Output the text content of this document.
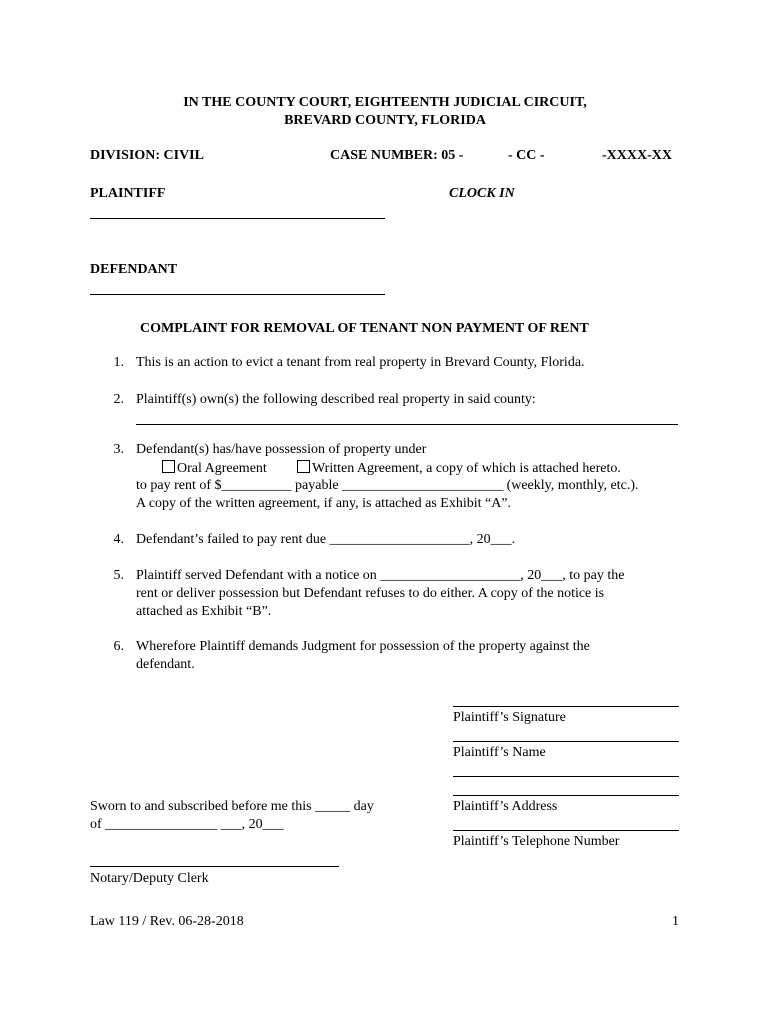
IN THE COUNTY COURT, EIGHTEENTH JUDICIAL CIRCUIT,
BREVARD COUNTY, FLORIDA
DIVISION: CIVIL	CASE NUMBER: 05 -	- CC -	-XXXX-XX
PLAINTIFF	CLOCK IN
DEFENDANT
COMPLAINT FOR REMOVAL OF TENANT NON PAYMENT OF RENT
1. This is an action to evict a tenant from real property in Brevard County, Florida.
2. Plaintiff(s) own(s) the following described real property in said county:
3. Defendant(s) has/have possession of property under
Oral Agreement	Written Agreement, a copy of which is attached hereto.
to pay rent of $__________ payable _______________________ (weekly, monthly, etc.).
A copy of the written agreement, if any, is attached as Exhibit “A”.
4. Defendant’s failed to pay rent due ____________________, 20___.
5. Plaintiff served Defendant with a notice on ____________________, 20___, to pay the
rent or deliver possession but Defendant refuses to do either. A copy of the notice is
attached as Exhibit “B”.
6. Wherefore Plaintiff demands Judgment for possession of the property against the
defendant.
Plaintiff’s Signature
Plaintiff’s Name
Plaintiff’s Address
Plaintiff’s Telephone Number
Sworn to and subscribed before me this _____ day
of ________________ ___, 20___
Notary/Deputy Clerk
Law 119 / Rev. 06-28-2018	1
